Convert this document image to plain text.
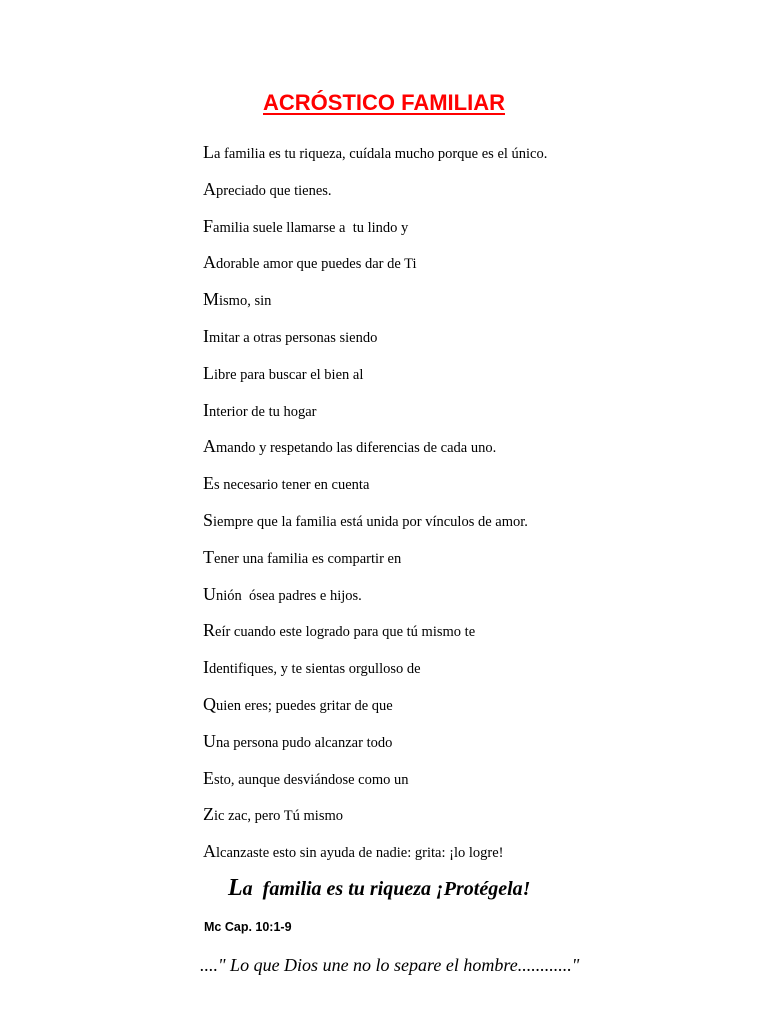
ACRÓSTICO FAMILIAR
La familia es tu riqueza, cuídala mucho porque es el único.
Apreciado que tienes.
Familia suele llamarse a  tu lindo y
Adorable amor que puedes dar de Ti
Mismo, sin
Imitar a otras personas siendo
Libre para buscar el bien al
Interior de tu hogar
Amando y respetando las diferencias de cada uno.
Es necesario tener en cuenta
Siempre que la familia está unida por vínculos de amor.
Tener una familia es compartir en
Unión  ósea padres e hijos.
Reír cuando este logrado para que tú mismo te
Identifiques, y te sientas orgulloso de
Quien eres; puedes gritar de que
Una persona pudo alcanzar todo
Esto, aunque desviándose como un
Zic zac, pero Tú mismo
Alcanzaste esto sin ayuda de nadie: grita: ¡lo logre!
La  familia es tu riqueza ¡Protégela!
Mc Cap. 10:1-9
...." Lo que Dios une no lo separe el hombre............"
